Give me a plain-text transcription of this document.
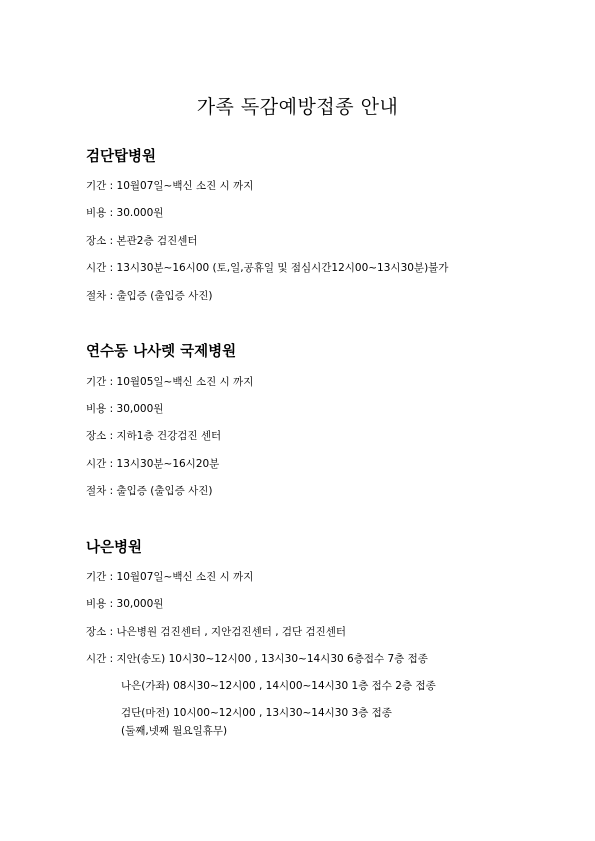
가족 독감예방접종 안내
검단탑병원
기간 : 10월07일~백신 소진 시 까지
비용 : 30.000원
장소 : 본관2층 검진센터
시간 : 13시30분~16시00 (토,일,공휴일 및 점심시간12시00~13시30분)불가
절차 : 출입증 (출입증 사진)
연수동 나사렛 국제병원
기간 : 10월05일~백신 소진 시 까지
비용 : 30,000원
장소 : 지하1층 건강검진 센터
시간 : 13시30분~16시20분
절차 : 출입증 (출입증 사진)
나은병원
기간 : 10월07일~백신 소진 시 까지
비용 : 30,000원
장소 : 나은병원 검진센터 , 지안검진센터 , 검단 검진센터
시간 : 지안(송도) 10시30~12시00 , 13시30~14시30 6층접수 7층 접종
나은(가좌) 08시30~12시00 , 14시00~14시30 1층 접수 2층 접종
검단(마전) 10시00~12시00 , 13시30~14시30 3층 접종
(둘째,넷째 월요일휴무)
